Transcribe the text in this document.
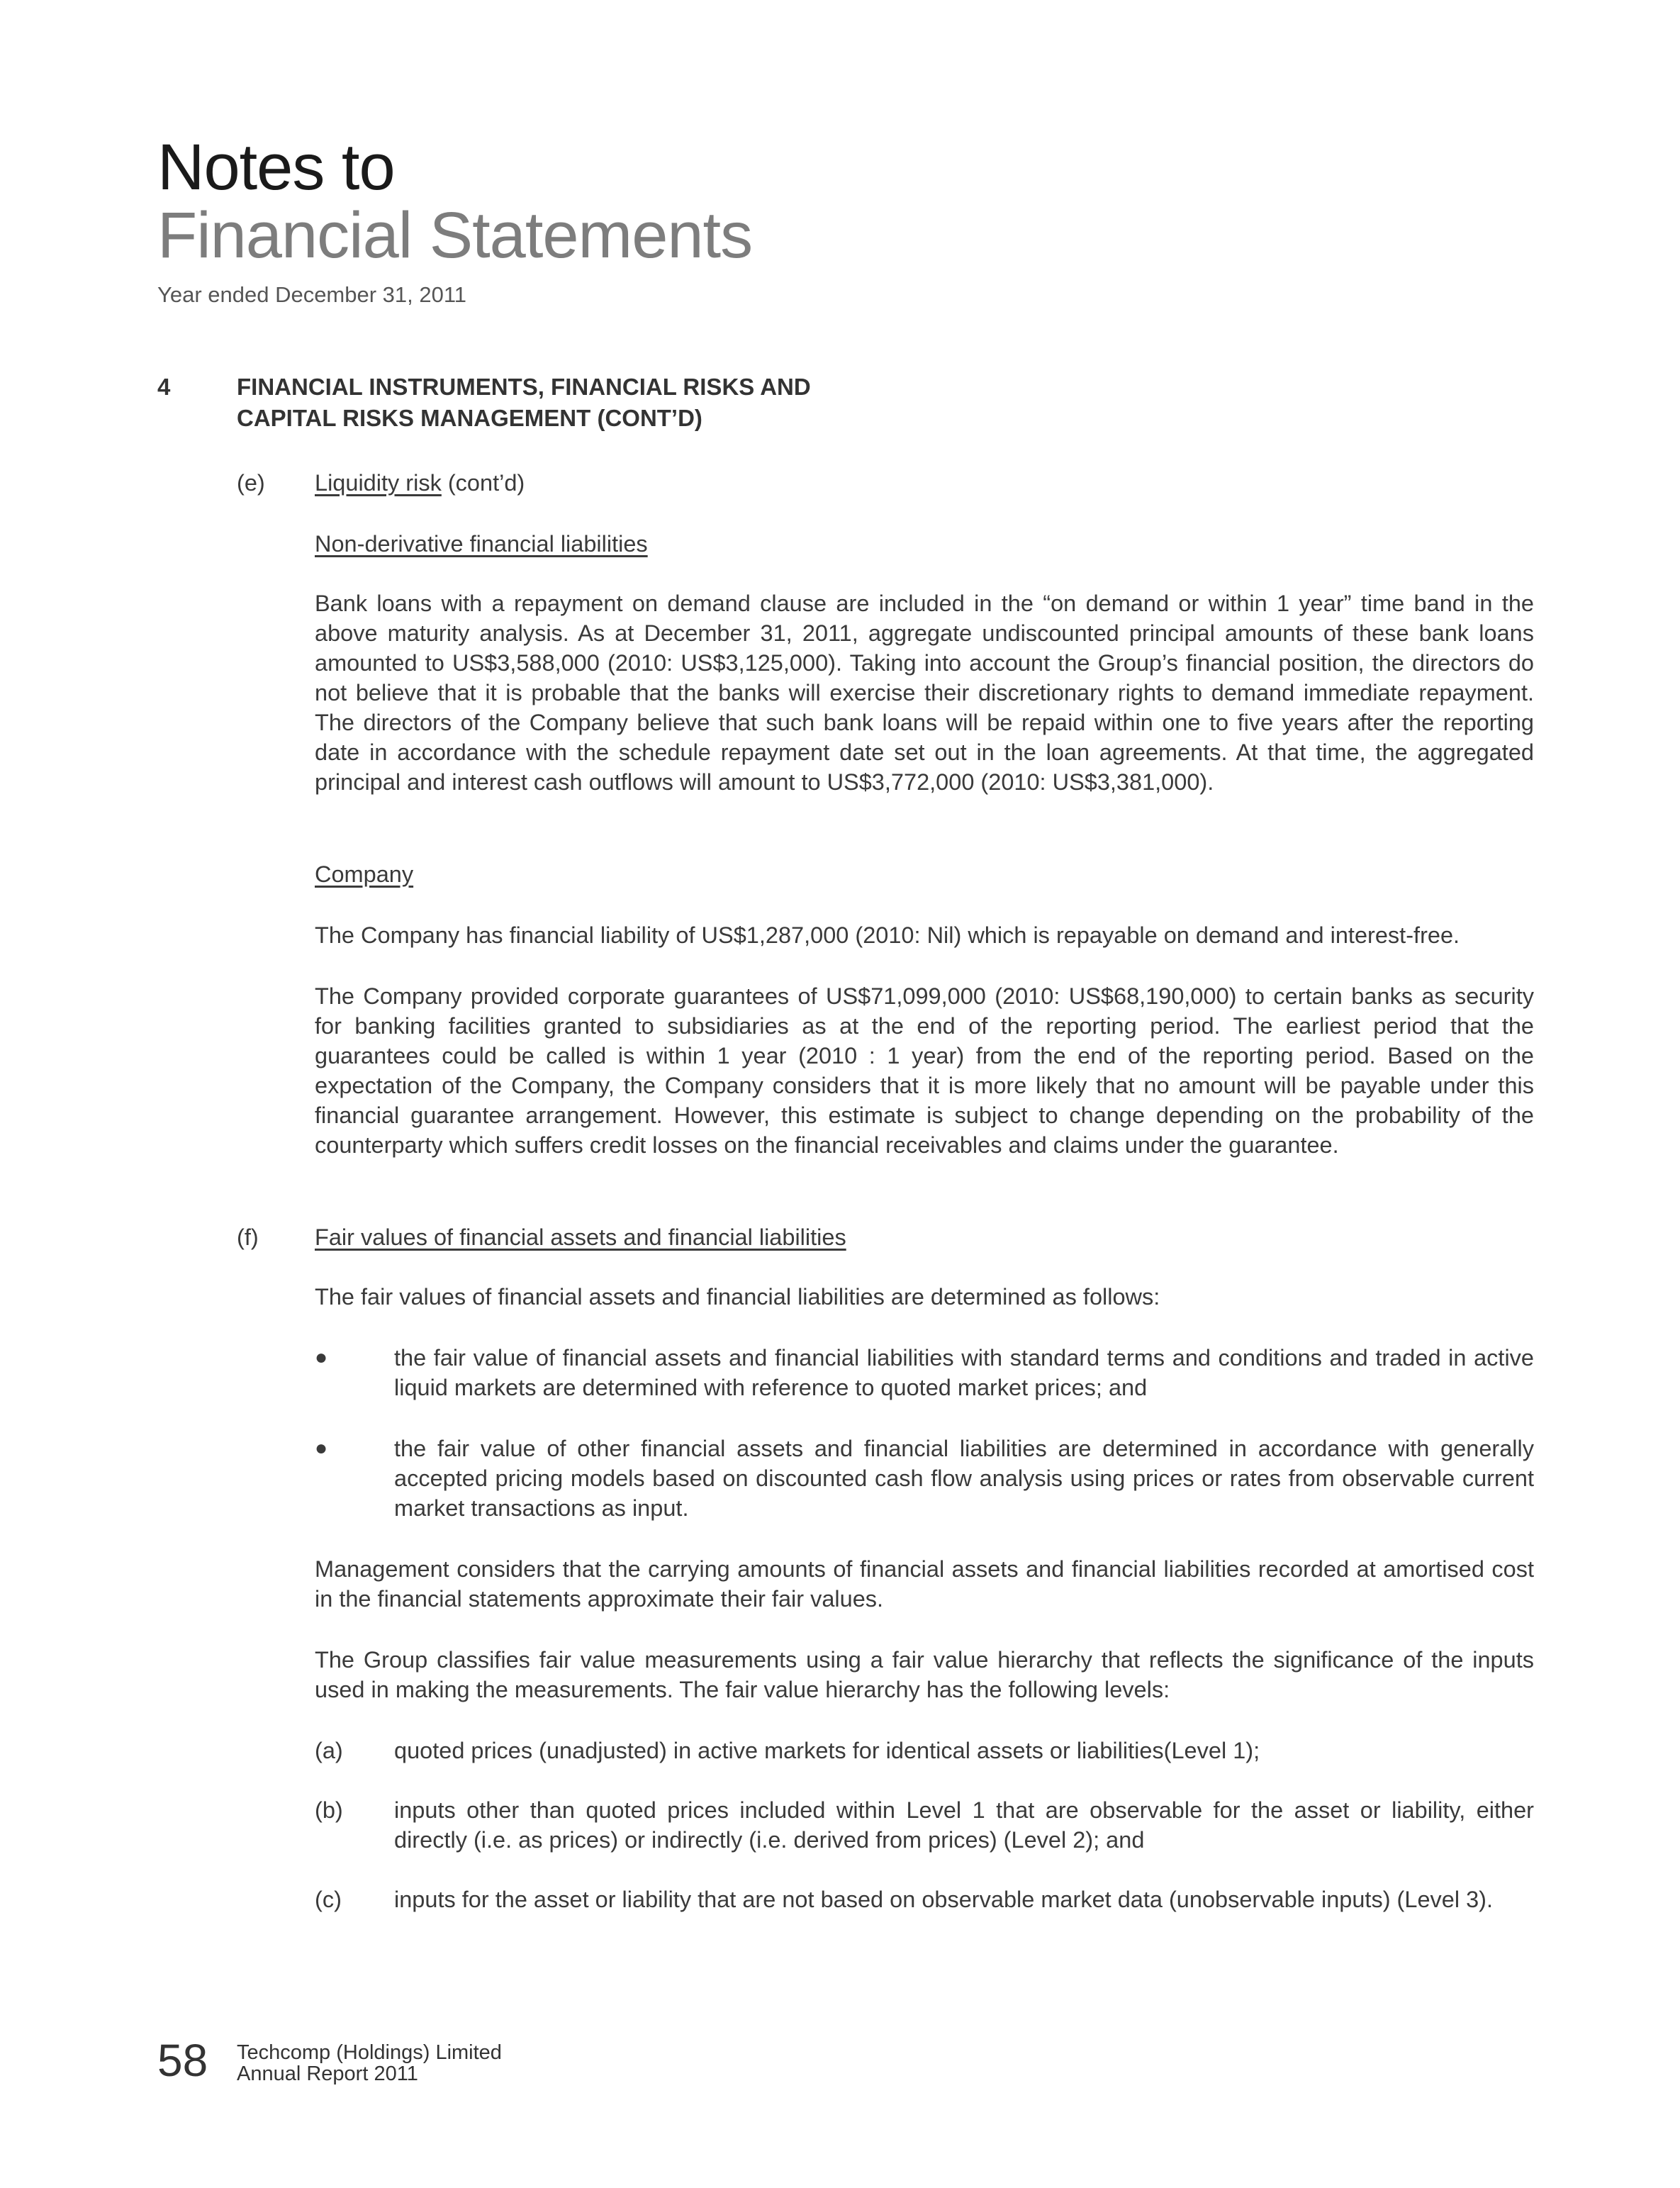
Notes to
Financial Statements
Year ended December 31, 2011
4	FINANCIAL INSTRUMENTS, FINANCIAL RISKS AND
CAPITAL RISKS MANAGEMENT (CONT’D)
(e) Liquidity risk (cont’d)
Non-derivative financial liabilities
Bank loans with a repayment on demand clause are included in the “on demand or within 1 year” time band in the above maturity analysis. As at December 31, 2011, aggregate undiscounted principal amounts of these bank loans amounted to US$3,588,000 (2010: US$3,125,000). Taking into account the Group’s financial position, the directors do not believe that it is probable that the banks will exercise their discretionary rights to demand immediate repayment. The directors of the Company believe that such bank loans will be repaid within one to five years after the reporting date in accordance with the schedule repayment date set out in the loan agreements. At that time, the aggregated principal and interest cash outflows will amount to US$3,772,000 (2010: US$3,381,000).
Company
The Company has financial liability of US$1,287,000 (2010: Nil) which is repayable on demand and interest-free.
The Company provided corporate guarantees of US$71,099,000 (2010: US$68,190,000) to certain banks as security for banking facilities granted to subsidiaries as at the end of the reporting period. The earliest period that the guarantees could be called is within 1 year (2010 : 1 year) from the end of the reporting period. Based on the expectation of the Company, the Company considers that it is more likely that no amount will be payable under this financial guarantee arrangement. However, this estimate is subject to change depending on the probability of the counterparty which suffers credit losses on the financial receivables and claims under the guarantee.
(f) Fair values of financial assets and financial liabilities
The fair values of financial assets and financial liabilities are determined as follows:
●	the fair value of financial assets and financial liabilities with standard terms and conditions and traded in active liquid markets are determined with reference to quoted market prices; and
●	the fair value of other financial assets and financial liabilities are determined in accordance with generally accepted pricing models based on discounted cash flow analysis using prices or rates from observable current market transactions as input.
Management considers that the carrying amounts of financial assets and financial liabilities recorded at amortised cost in the financial statements approximate their fair values.
The Group classifies fair value measurements using a fair value hierarchy that reflects the significance of the inputs used in making the measurements. The fair value hierarchy has the following levels:
(a) quoted prices (unadjusted) in active markets for identical assets or liabilities(Level 1);
(b) inputs other than quoted prices included within Level 1 that are observable for the asset or liability, either directly (i.e. as prices) or indirectly (i.e. derived from prices) (Level 2); and
(c) inputs for the asset or liability that are not based on observable market data (unobservable inputs) (Level 3).
58 Techcomp (Holdings) Limited
Annual Report 2011
